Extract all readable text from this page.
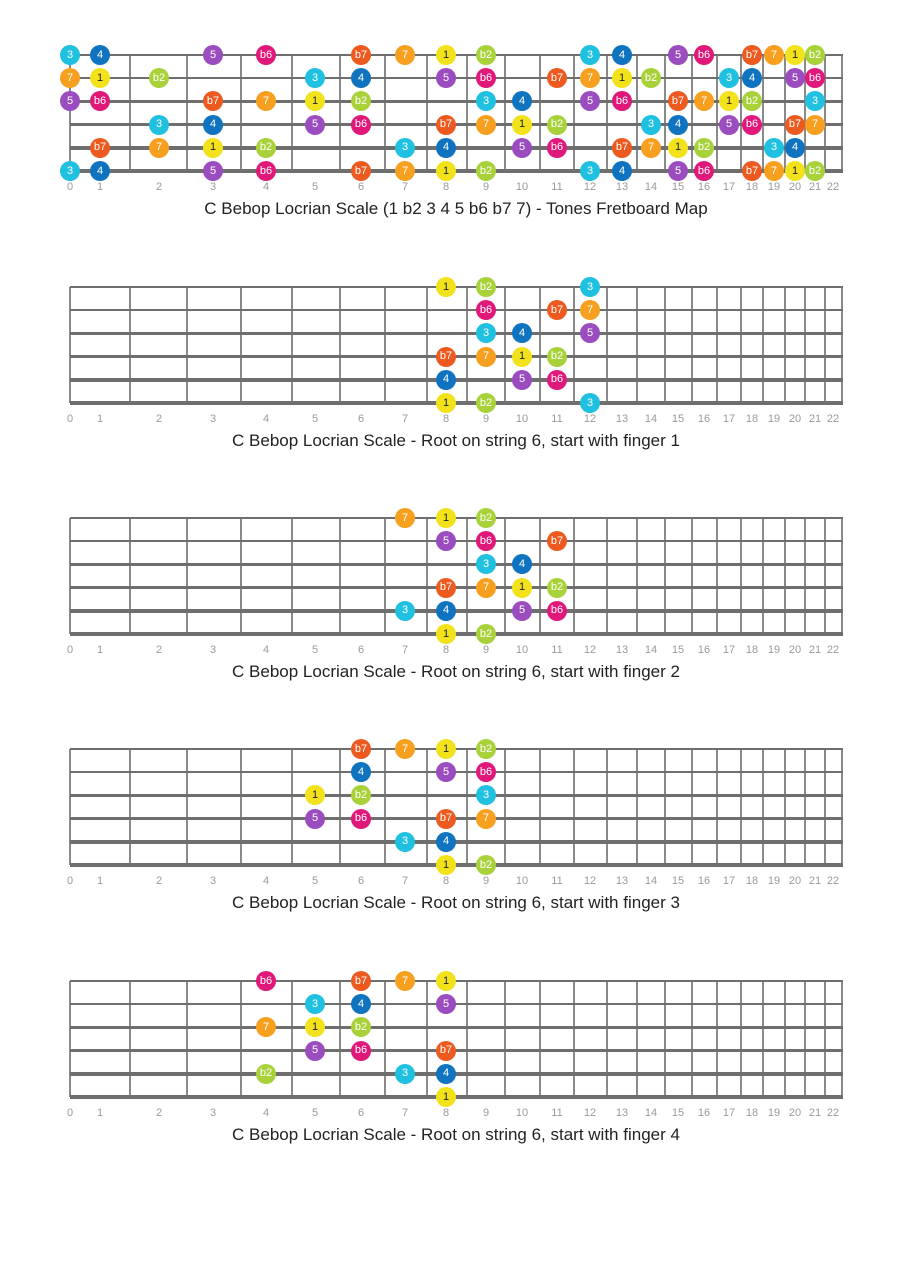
0 1	2	3	4	5	6	7	8	9 10 11 12 13 14 15 16 17 18 19 20 21 22
3	4	5	b6	b7	7	1	b2	3	4	5	b6	b7	7	1 b2
7	1	b2	3	4	5	b6	b7	7	1	b2	3	4	5 b6
5	b6	b7	7	1	b2	3	4	5	b6	b7	7	1	b2	3
3	4	5	b6	b7	7	1	b2	3	4	5	b6	b7 7
b7	7	1	b2	3	4	5	b6	b7	7	1	b2	3	4
3	4	5	b6	b7	7	1	b2	3	4	5	b6	b7	7	1 b2
C Bebop Locrian Scale (1 b2 3 4 5 b6 b7 7) - Tones Fretboard Map
0 1	2	3	4	5	6	7	8	9 10 11 12 13 14 15 16 17 18 19 20 21 22
1	b2	3
b6	b7	7
3	4	5
b7	7	1	b2
4	5	b6
1	b2	3
C Bebop Locrian Scale - Root on string 6, start with finger 1
0 1	2	3	4	5	6	7	8	9 10 11 12 13 14 15 16 17 18 19 20 21 22
7	1	b2
5	b6	b7
3	4
b7	7	1	b2
3	4	5	b6
1	b2
C Bebop Locrian Scale - Root on string 6, start with finger 2
0 1	2	3	4	5	6	7	8	9 10 11 12 13 14 15 16 17 18 19 20 21 22
b7	7	1	b2
4	5	b6
1	b2	3
5	b6	b7	7
3	4
1	b2
C Bebop Locrian Scale - Root on string 6, start with finger 3
0 1	2	3	4	5	6	7	8	9 10 11 12 13 14 15 16 17 18 19 20 21 22
b6	b7	7	1
3	4	5
7	1	b2
5	b6	b7
b2	3	4
1
C Bebop Locrian Scale - Root on string 6, start with finger 4
